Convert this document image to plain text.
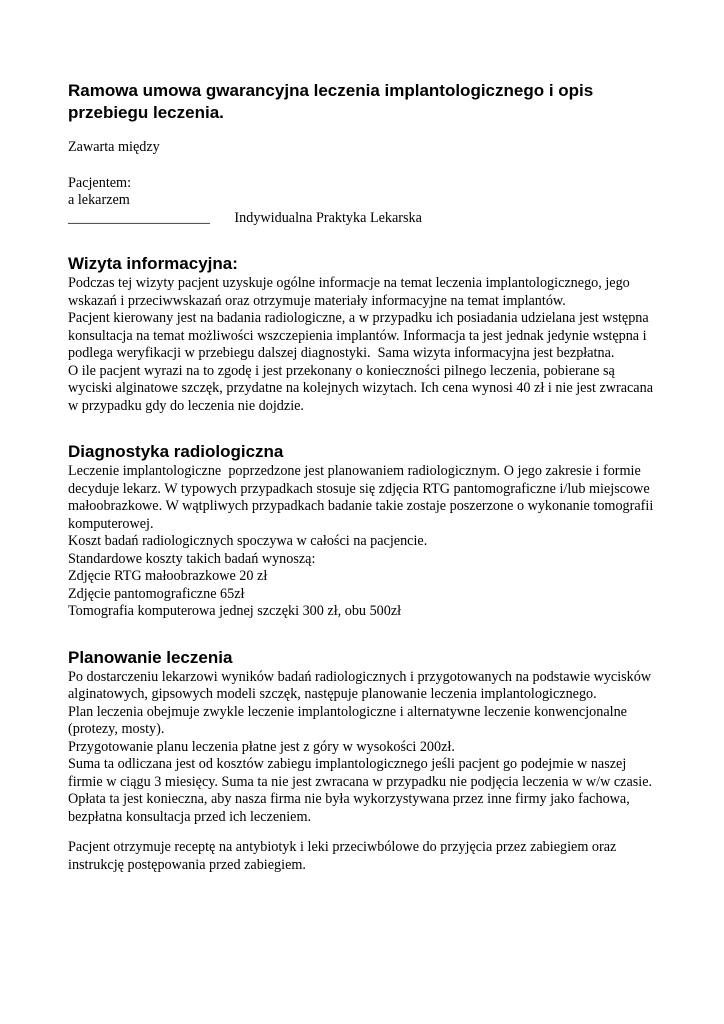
Ramowa umowa gwarancyjna leczenia implantologicznego i opis przebiegu leczenia.
Zawarta między
Pacjentem:
a lekarzem
____________________ Indywidualna Praktyka Lekarska
Wizyta informacyjna:

Podczas tej wizyty pacjent uzyskuje ogólne informacje na temat leczenia implantologicznego, jego wskazań i przeciwwskazań oraz otrzymuje materiały informacyjne na temat implantów.

Pacjent kierowany jest na badania radiologiczne, a w przypadku ich posiadania udzielana jest wstępna konsultacja na temat możliwości wszczepienia implantów. Informacja ta jest jednak jedynie wstępna i podlega weryfikacji w przebiegu dalszej diagnostyki.  Sama wizyta informacyjna jest bezpłatna.

O ile pacjent wyrazi na to zgodę i jest przekonany o konieczności pilnego leczenia, pobierane są wyciski alginatowe szczęk, przydatne na kolejnych wizytach. Ich cena wynosi 40 zł i nie jest zwracana w przypadku gdy do leczenia nie dojdzie.

Diagnostyka radiologiczna

Leczenie implantologiczne  poprzedzone jest planowaniem radiologicznym. O jego zakresie i formie decyduje lekarz. W typowych przypadkach stosuje się zdjęcia RTG pantomograficzne i/lub miejscowe małoobrazkowe. W wątpliwych przypadkach badanie takie zostaje poszerzone o wykonanie tomografii komputerowej.

Koszt badań radiologicznych spoczywa w całości na pacjencie.

Standardowe koszty takich badań wynoszą:

Zdjęcie RTG małoobrazkowe 20 zł

Zdjęcie pantomograficzne 65zł

Tomografia komputerowa jednej szczęki 300 zł, obu 500zł

Planowanie leczenia

Po dostarczeniu lekarzowi wyników badań radiologicznych i przygotowanych na podstawie wycisków alginatowych, gipsowych modeli szczęk, następuje planowanie leczenia implantologicznego.

Plan leczenia obejmuje zwykle leczenie implantologiczne i alternatywne leczenie konwencjonalne (protezy, mosty).

Przygotowanie planu leczenia płatne jest z góry w wysokości 200zł.

Suma ta odliczana jest od kosztów zabiegu implantologicznego jeśli pacjent go podejmie w naszej firmie w ciągu 3 miesięcy. Suma ta nie jest zwracana w przypadku nie podjęcia leczenia w w/w czasie.

Opłata ta jest konieczna, aby nasza firma nie była wykorzystywana przez inne firmy jako fachowa, bezpłatna konsultacja przed ich leczeniem.

Pacjent otrzymuje receptę na antybiotyk i leki przeciwbólowe do przyjęcia przez zabiegiem oraz instrukcję postępowania przed zabiegiem.
